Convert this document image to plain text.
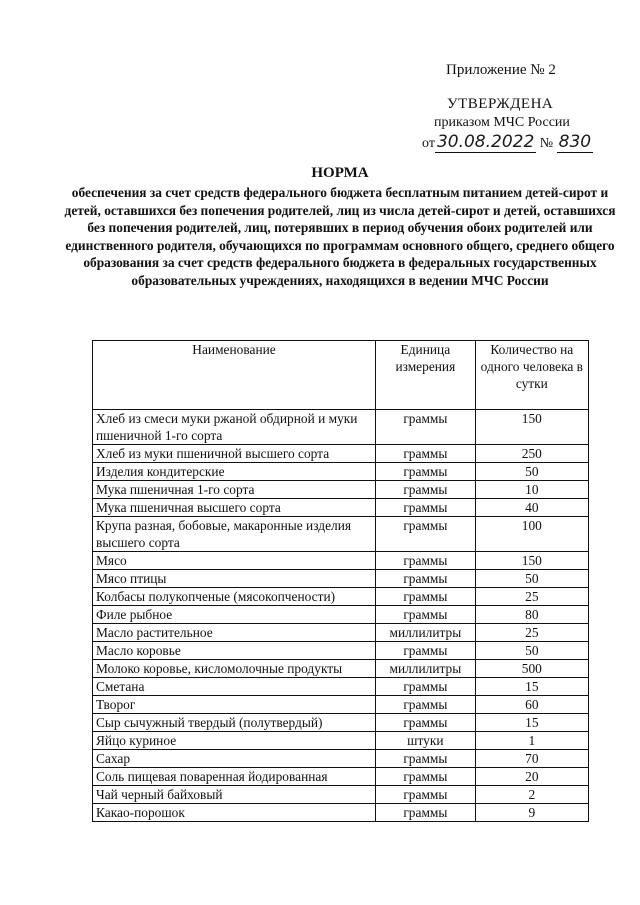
Приложение № 2
УТВЕРЖДЕНА
приказом МЧС России
от 30.08.2022 № 830
НОРМА
обеспечения за счет средств федерального бюджета бесплатным питанием детей-сирот и детей, оставшихся без попечения родителей, лиц из числа детей-сирот и детей, оставшихся без попечения родителей, лиц, потерявших в период обучения обоих родителей или единственного родителя, обучающихся по программам основного общего, среднего общего образования за счет средств федерального бюджета в федеральных государственных образовательных учреждениях, находящихся в ведении МЧС России
Наименование	Единица измерения	Количество на одного человека в сутки
Хлеб из смеси муки ржаной обдирной и муки пшеничной 1-го сорта	граммы	150
Хлеб из муки пшеничной высшего сорта	граммы	250
Изделия кондитерские	граммы	50
Мука пшеничная 1-го сорта	граммы	10
Мука пшеничная высшего сорта	граммы	40
Крупа разная, бобовые, макаронные изделия высшего сорта	граммы	100
Мясо	граммы	150
Мясо птицы	граммы	50
Колбасы полукопченые (мясокопчености)	граммы	25
Филе рыбное	граммы	80
Масло растительное	миллилитры	25
Масло коровье	граммы	50
Молоко коровье, кисломолочные продукты	миллилитры	500
Сметана	граммы	15
Творог	граммы	60
Сыр сычужный твердый (полутвердый)	граммы	15
Яйцо куриное	штуки	1
Сахар	граммы	70
Соль пищевая поваренная йодированная	граммы	20
Чай черный байховый	граммы	2
Какао-порошок	граммы	9
